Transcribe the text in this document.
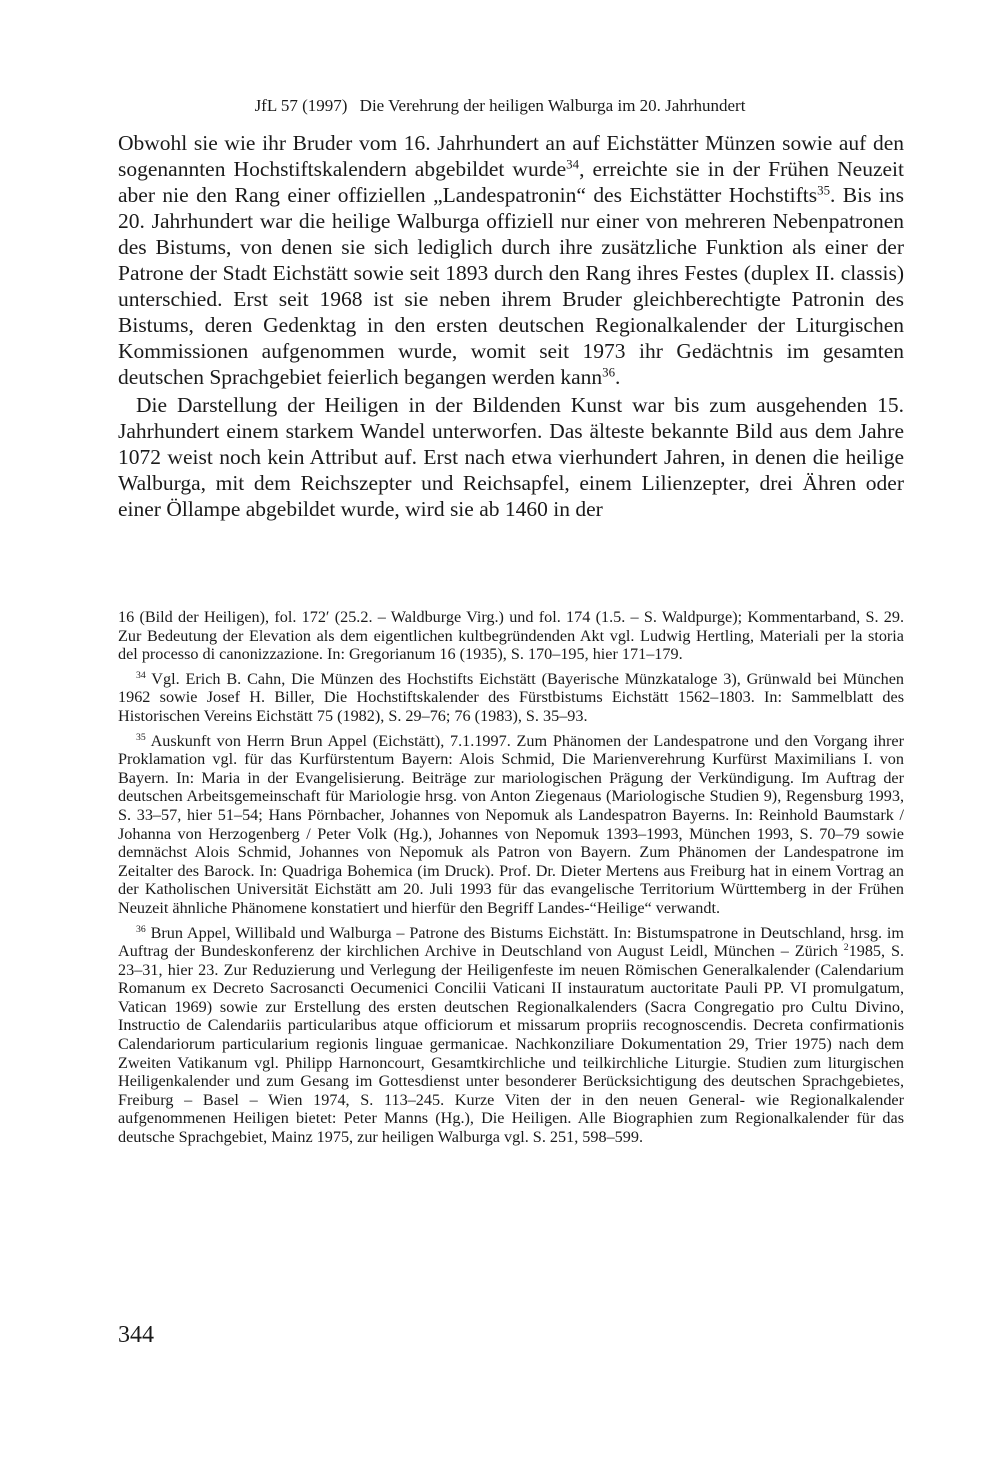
JfL 57 (1997) Die Verehrung der heiligen Walburga im 20. Jahrhundert

Obwohl sie wie ihr Bruder vom 16. Jahrhundert an auf Eichstätter Münzen sowie auf den sogenannten Hochstiftskalendern abgebildet wurde$^{34}$, erreichte sie in der Frühen Neuzeit aber nie den Rang einer offiziellen „Landespatronin“ des Eichstätter Hochstifts$^{35}$. Bis ins 20. Jahrhundert war die heilige Walburga offiziell nur einer von mehreren Nebenpatronen des Bistums, von denen sie sich lediglich durch ihre zusätzliche Funktion als einer der Patrone der Stadt Eichstätt sowie seit 1893 durch den Rang ihres Festes (duplex II. classis) unterschied. Erst seit 1968 ist sie neben ihrem Bruder gleichberechtigte Patronin des Bistums, deren Gedenktag in den ersten deutschen Regionalkalender der Liturgischen Kommissionen aufgenommen wurde, womit seit 1973 ihr Gedächtnis im gesamten deutschen Sprachgebiet feierlich begangen werden kann$^{36}$.

Die Darstellung der Heiligen in der Bildenden Kunst war bis zum ausgehenden 15. Jahrhundert einem starkem Wandel unterworfen. Das älteste bekannte Bild aus dem Jahre 1072 weist noch kein Attribut auf. Erst nach etwa vierhundert Jahren, in denen die heilige Walburga, mit dem Reichszepter und Reichsapfel, einem Lilienzepter, drei Ähren oder einer Öllampe abgebildet wurde, wird sie ab 1460 in der

16 (Bild der Heiligen), fol. 172′ (25.2. – Waldburge Virg.) und fol. 174 (1.5. – S. Waldpurge); Kommentarband, S. 29. Zur Bedeutung der Elevation als dem eigentlichen kultbegründenden Akt vgl. Ludwig Hertling, Materiali per la storia del processo di canonizzazione. In: Gregorianum 16 (1935), S. 170–195, hier 171–179.

$^{34}$ Vgl. Erich B. Cahn, Die Münzen des Hochstifts Eichstätt (Bayerische Münzkataloge 3), Grünwald bei München 1962 sowie Josef H. Biller, Die Hochstiftskalender des Fürstbistums Eichstätt 1562–1803. In: Sammelblatt des Historischen Vereins Eichstätt 75 (1982), S. 29–76; 76 (1983), S. 35–93.

$^{35}$ Auskunft von Herrn Brun Appel (Eichstätt), 7.1.1997. Zum Phänomen der Landespatrone und den Vorgang ihrer Proklamation vgl. für das Kurfürstentum Bayern: Alois Schmid, Die Marienverehrung Kurfürst Maximilians I. von Bayern. In: Maria in der Evangelisierung. Beiträge zur mariologischen Prägung der Verkündigung. Im Auftrag der deutschen Arbeitsgemeinschaft für Mariologie hrsg. von Anton Ziegenaus (Mariologische Studien 9), Regensburg 1993, S. 33–57, hier 51–54; Hans Pörnbacher, Johannes von Nepomuk als Landespatron Bayerns. In: Reinhold Baumstark / Johanna von Herzogenberg / Peter Volk (Hg.), Johannes von Nepomuk 1393–1993, München 1993, S. 70–79 sowie demnächst Alois Schmid, Johannes von Nepomuk als Patron von Bayern. Zum Phänomen der Landespatrone im Zeitalter des Barock. In: Quadriga Bohemica (im Druck). Prof. Dr. Dieter Mertens aus Freiburg hat in einem Vortrag an der Katholischen Universität Eichstätt am 20. Juli 1993 für das evangelische Territorium Württemberg in der Frühen Neuzeit ähnliche Phänomene konstatiert und hierfür den Begriff Landes-“Heilige“ verwandt.

$^{36}$ Brun Appel, Willibald und Walburga – Patrone des Bistums Eichstätt. In: Bistumspatrone in Deutschland, hrsg. im Auftrag der Bundeskonferenz der kirchlichen Archive in Deutschland von August Leidl, München – Zürich $^2$1985, S. 23–31, hier 23. Zur Reduzierung und Verlegung der Heiligenfeste im neuen Römischen Generalkalender (Calendarium Romanum ex Decreto Sacrosancti Oecumenici Concilii Vaticani II instauratum auctoritate Pauli PP. VI promulgatum, Vatican 1969) sowie zur Erstellung des ersten deutschen Regionalkalenders (Sacra Congregatio pro Cultu Divino, Instructio de Calendariis particularibus atque officiorum et missarum propriis recognoscendis. Decreta confirmationis Calendariorum particularium regionis linguae germanicae. Nachkonziliare Dokumentation 29, Trier 1975) nach dem Zweiten Vatikanum vgl. Philipp Harnoncourt, Gesamtkirchliche und teilkirchliche Liturgie. Studien zum liturgischen Heiligenkalender und zum Gesang im Gottesdienst unter besonderer Berücksichtigung des deutschen Sprachgebietes, Freiburg – Basel – Wien 1974, S. 113–245. Kurze Viten der in den neuen General- wie Regionalkalender aufgenommenen Heiligen bietet: Peter Manns (Hg.), Die Heiligen. Alle Biographien zum Regionalkalender für das deutsche Sprachgebiet, Mainz 1975, zur heiligen Walburga vgl. S. 251, 598–599.

344
